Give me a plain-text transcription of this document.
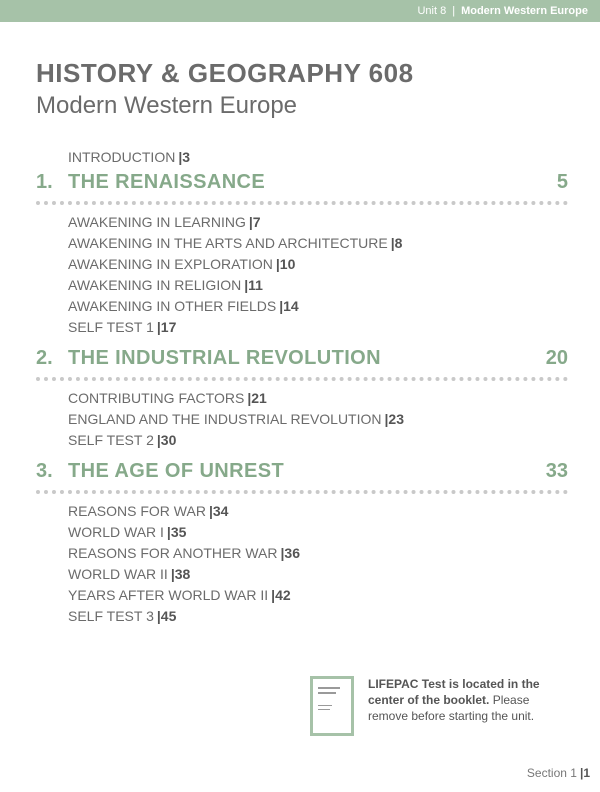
Unit 8 | Modern Western Europe
HISTORY & GEOGRAPHY 608
Modern Western Europe
INTRODUCTION |3
1. THE RENAISSANCE	5
AWAKENING IN LEARNING |7
AWAKENING IN THE ARTS AND ARCHITECTURE |8
AWAKENING IN EXPLORATION |10
AWAKENING IN RELIGION |11
AWAKENING IN OTHER FIELDS |14
SELF TEST 1 |17
2. THE INDUSTRIAL REVOLUTION	20
CONTRIBUTING FACTORS |21
ENGLAND AND THE INDUSTRIAL REVOLUTION |23
SELF TEST 2 |30
3. THE AGE OF UNREST	33
REASONS FOR WAR |34
WORLD WAR I |35
REASONS FOR ANOTHER WAR |36
WORLD WAR II |38
YEARS AFTER WORLD WAR II |42
SELF TEST 3 |45
LIFEPAC Test is located in the center of the booklet. Please remove before starting the unit.
Section 1 |1
